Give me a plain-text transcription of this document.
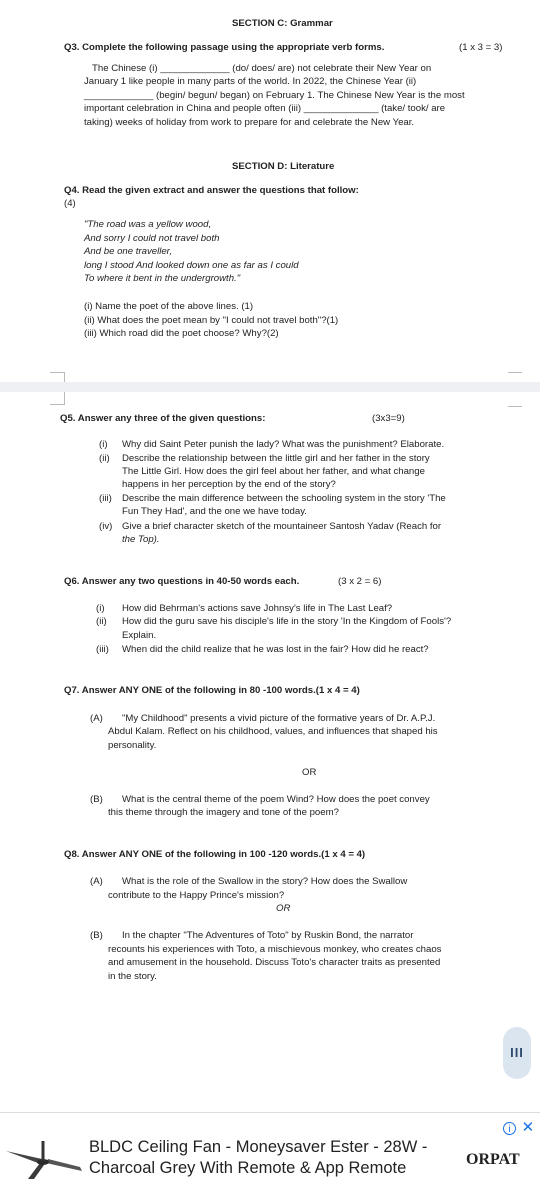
SECTION C: Grammar
Q3. Complete the following passage using the appropriate verb forms.	(1 x 3 = 3)
The Chinese (i) _____________ (do/ does/ are) not celebrate their New Year on
January 1 like people in many parts of the world. In 2022, the Chinese Year (ii)
_____________ (begin/ begun/ began) on February 1. The Chinese New Year is the most
important celebration in China and people often (iii) ______________ (take/ took/ are
taking) weeks of holiday from work to prepare for and celebrate the New Year.
SECTION D: Literature
Q4. Read the given extract and answer the questions that follow:
(4)
"The road was a yellow wood,
And sorry I could not travel both
And be one traveller,
long I stood And looked down one as far as I could
To where it bent in the undergrowth."
(i) Name the poet of the above lines. (1)
(ii) What does the poet mean by "I could not travel both"?(1)
(iii) Which road did the poet choose? Why?(2)
Q5. Answer any three of the given questions:	(3x3=9)
(i) Why did Saint Peter punish the lady? What was the punishment? Elaborate.
(ii) Describe the relationship between the little girl and her father in the story
The Little Girl. How does the girl feel about her father, and what change
happens in her perception by the end of the story?
(iii) Describe the main difference between the schooling system in the story 'The
Fun They Had', and the one we have today.
(iv) Give a brief character sketch of the mountaineer Santosh Yadav (Reach for
the Top).
Q6. Answer any two questions in 40-50 words each.	(3 x 2 = 6)
(i) How did Behrman's actions save Johnsy's life in The Last Leaf?
(ii) How did the guru save his disciple's life in the story 'In the Kingdom of Fools'?
Explain.
(iii) When did the child realize that he was lost in the fair? How did he react?
Q7. Answer ANY ONE of the following in 80 -100 words.(1 x 4 = 4)
(A) "My Childhood" presents a vivid picture of the formative years of Dr. A.P.J.
Abdul Kalam. Reflect on his childhood, values, and influences that shaped his
personality.
OR
(B) What is the central theme of the poem Wind? How does the poet convey
this theme through the imagery and tone of the poem?
Q8. Answer ANY ONE of the following in 100 -120 words.(1 x 4 = 4)
(A) What is the role of the Swallow in the story? How does the Swallow
contribute to the Happy Prince's mission?
OR
(B) In the chapter "The Adventures of Toto" by Ruskin Bond, the narrator
recounts his experiences with Toto, a mischievous monkey, who creates chaos
and amusement in the household. Discuss Toto's character traits as presented
in the story.
III
i ✕
BLDC Ceiling Fan - Moneysaver Ester - 28W -
Charcoal Grey With Remote & App Remote	ORPAT
